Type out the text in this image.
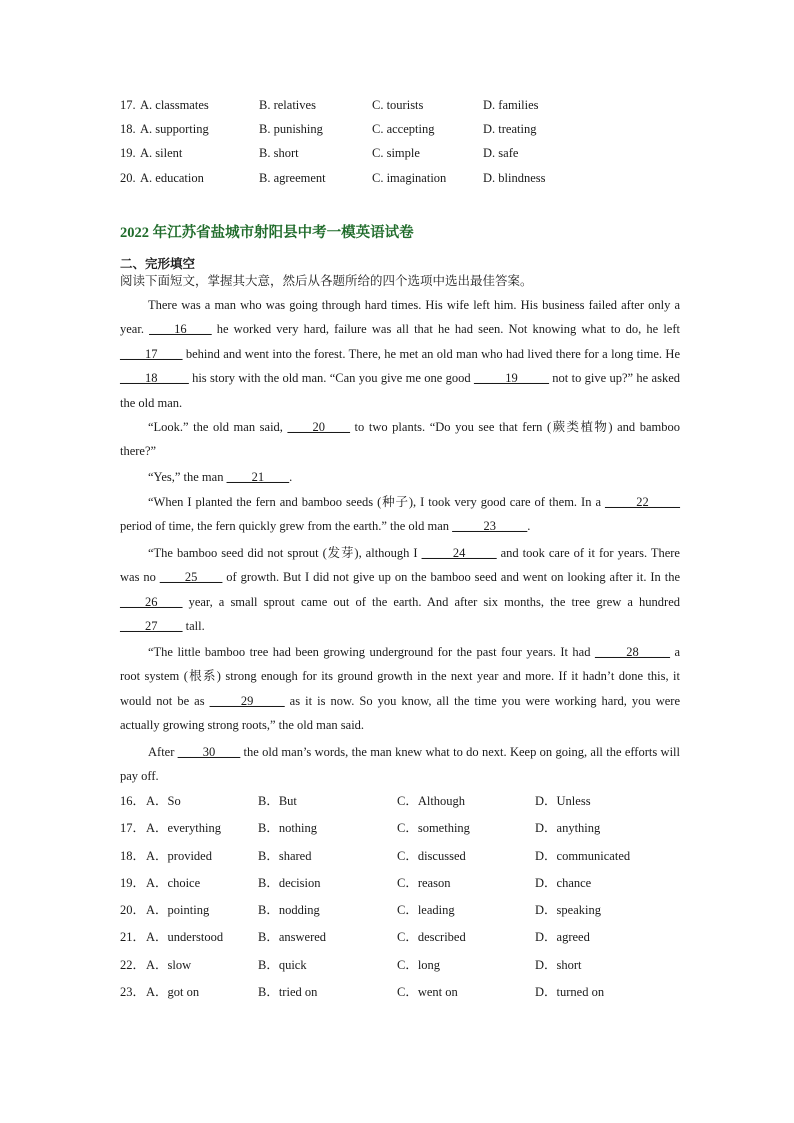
17. A. classmates	B. relatives	C. tourists	D. families
18. A. supporting	B. punishing	C. accepting	D. treating
19. A. silent	B. short	C. simple	D. safe
20. A. education	B. agreement	C. imagination	D. blindness
2022 年江苏省盐城市射阳县中考一模英语试卷
二、完形填空
阅读下面短文，掌握其大意，然后从各题所给的四个选项中选出最佳答案。
There was a man who was going through hard times. His wife left him. His business failed after only a year. ____16____ he worked very hard, failure was all that he had seen. Not knowing what to do, he left ____17____ behind and went into the forest. There, he met an old man who had lived there for a long time. He ____18_____ his story with the old man. “Can you give me one good _____19_____ not to give up?” he asked the old man.
“Look.” the old man said, ____20____ to two plants. “Do you see that fern (蕨类植物) and bamboo there?”
“Yes,” the man ____21____.
“When I planted the fern and bamboo seeds (种子), I took very good care of them. In a _____22_____ period of time, the fern quickly grew from the earth.” the old man _____23_____.
“The bamboo seed did not sprout (发芽), although I _____24_____ and took care of it for years. There was no ____25____ of growth. But I did not give up on the bamboo seed and went on looking after it. In the ____26____ year, a small sprout came out of the earth. And after six months, the tree grew a hundred ____27____ tall.
“The little bamboo tree had been growing underground for the past four years. It had _____28_____ a root system (根系) strong enough for its ground growth in the next year and more. If it hadn’t done this, it would not be as _____29_____ as it is now. So you know, all the time you were working hard, you were actually growing strong roots,” the old man said.
After ____30____ the old man’s words, the man knew what to do next. Keep on going, all the efforts will pay off.
16． A．So	B．But	C．Although	D．Unless
17． A．everything	B．nothing	C．something	D．anything
18． A．provided	B．shared	C．discussed	D．communicated
19． A．choice	B．decision	C．reason	D．chance
20． A．pointing	B．nodding	C．leading	D．speaking
21． A．understood	B．answered	C．described	D．agreed
22． A．slow	B．quick	C．long	D．short
23． A．got on	B．tried on	C．went on	D．turned on
